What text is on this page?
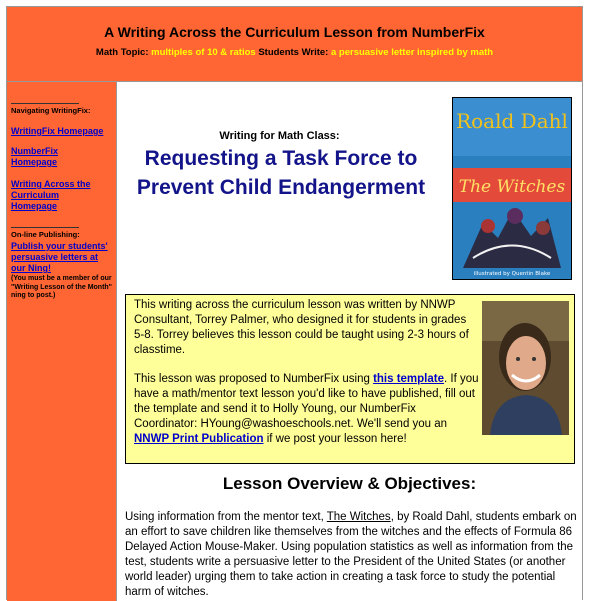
A Writing Across the Curriculum Lesson from NumberFix
Math Topic: multiples of 10 & ratios Students Write: a persuasive letter inspired by math
Navigating WritingFix:
WritingFix Homepage
NumberFix Homepage
Writing Across the Curriculum Homepage
On-line Publishing:
Publish your students' persuasive letters at our Ning!
(You must be a member of our "Writing Lesson of the Month" ning to post.)
Writing for Math Class:
Requesting a Task Force to Prevent Child Endangerment
Roald Dahl
The Witches
illustrated by Quentin Blake
This writing across the curriculum lesson was written by NNWP Consultant, Torrey Palmer, who designed it for students in grades 5-8. Torrey believes this lesson could be taught using 2-3 hours of classtime.
This lesson was proposed to NumberFix using this template. If you have a math/mentor text lesson you'd like to have published, fill out the template and send it to Holly Young, our NumberFix Coordinator: HYoung@washoeschools.net. We'll send you an NNWP Print Publication if we post your lesson here!
Lesson Overview & Objectives:
Using information from the mentor text, The Witches, by Roald Dahl, students embark on an effort to save children like themselves from the witches and the effects of Formula 86 Delayed Action Mouse-Maker. Using population statistics as well as information from the test, students write a persuasive letter to the President of the United States (or another world leader) urging them to take action in creating a task force to study the potential harm of witches.
